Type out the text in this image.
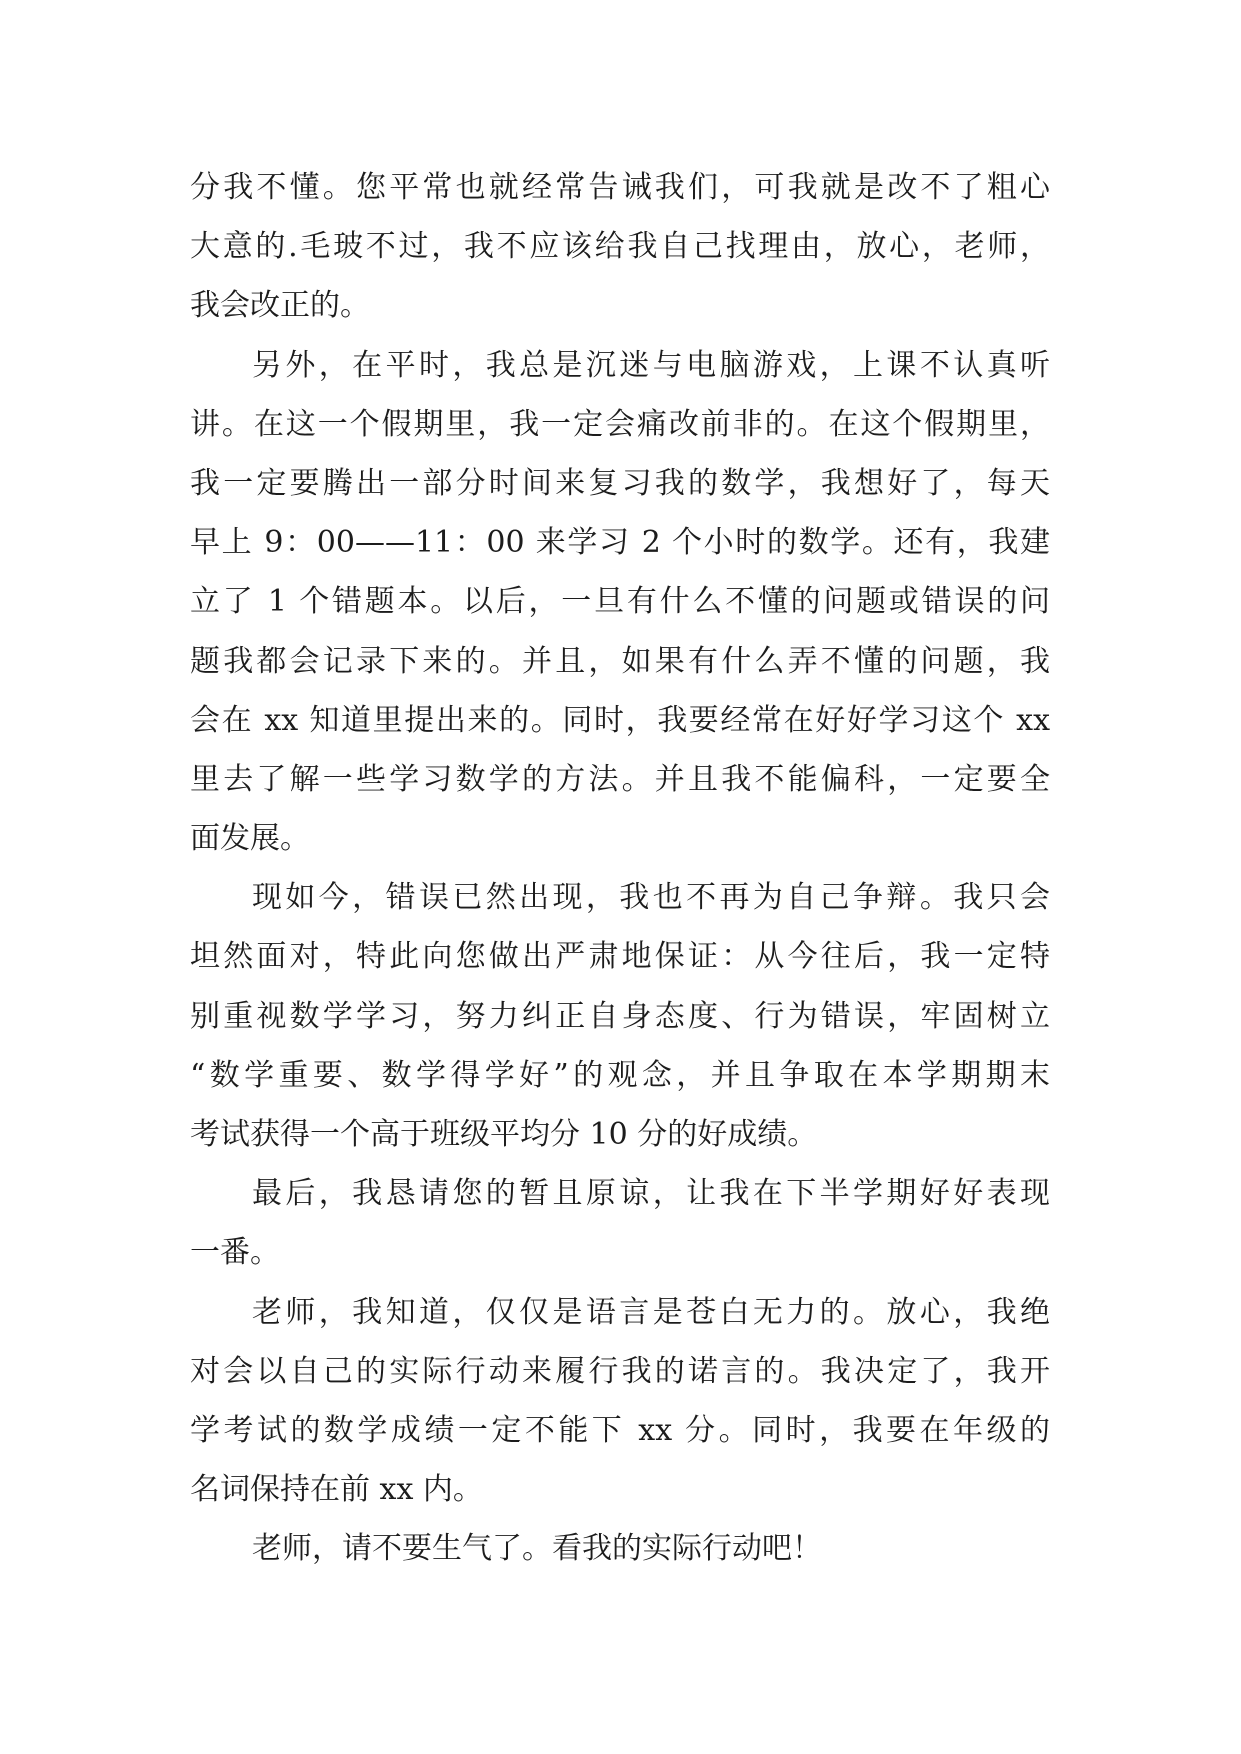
分我不懂。您平常也就经常告诫我们，可我就是改不了粗心
大意的.毛玻不过，我不应该给我自己找理由，放心，老师，
我会改正的。
另外，在平时，我总是沉迷与电脑游戏，上课不认真听
讲。在这一个假期里，我一定会痛改前非的。在这个假期里，
我一定要腾出一部分时间来复习我的数学，我想好了，每天
早上 9：00——11：00 来学习 2 个小时的数学。还有，我建
立了 1 个错题本。以后，一旦有什么不懂的问题或错误的问
题我都会记录下来的。并且，如果有什么弄不懂的问题，我
会在 xx 知道里提出来的。同时，我要经常在好好学习这个 xx
里去了解一些学习数学的方法。并且我不能偏科，一定要全
面发展。
现如今，错误已然出现，我也不再为自己争辩。我只会
坦然面对，特此向您做出严肃地保证：从今往后，我一定特
别重视数学学习，努力纠正自身态度、行为错误，牢固树立
“数学重要、数学得学好”的观念，并且争取在本学期期末
考试获得一个高于班级平均分 10 分的好成绩。
最后，我恳请您的暂且原谅，让我在下半学期好好表现
一番。
老师，我知道，仅仅是语言是苍白无力的。放心，我绝
对会以自己的实际行动来履行我的诺言的。我决定了，我开
学考试的数学成绩一定不能下 xx 分。同时，我要在年级的
名词保持在前 xx 内。
老师，请不要生气了。看我的实际行动吧！
